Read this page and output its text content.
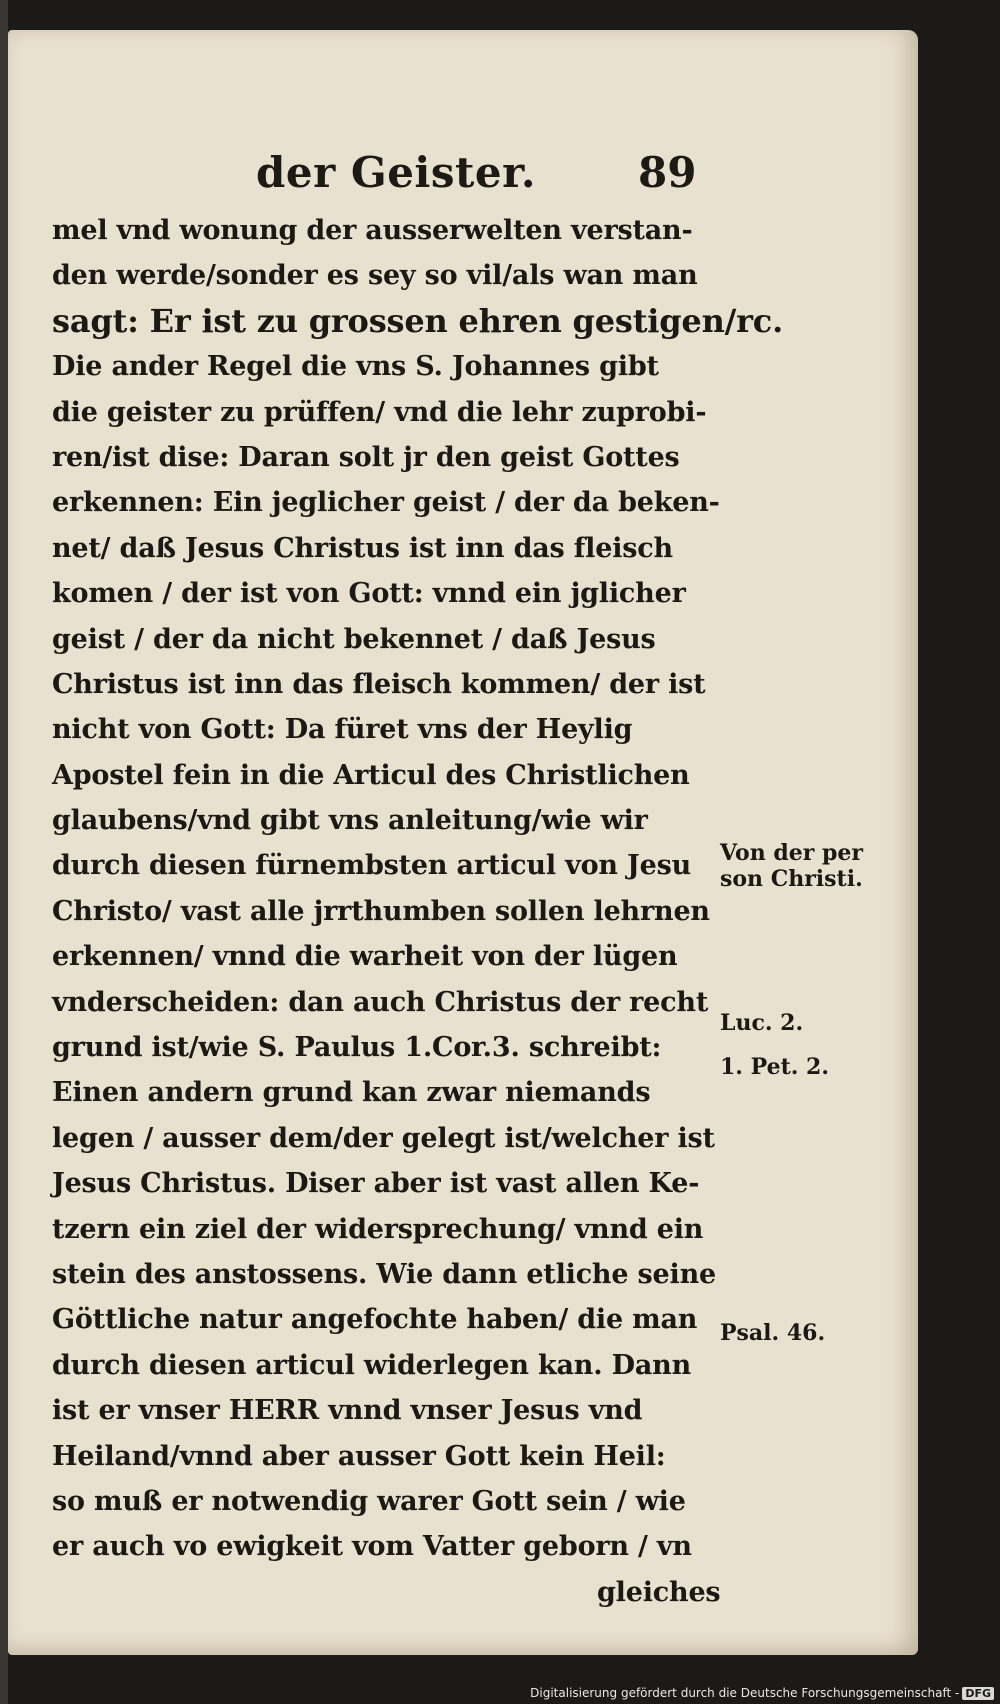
der Geister. 89
mel vnd wonung der ausserwelten verstan-
den werde/sonder es sey so vil/als wan man
sagt: Er ist zu grossen ehren gestigen/rc.
Die ander Regel die vns S. Johannes gibt
die geister zu prüffen/ vnd die lehr zuprobi-
ren/ist dise: Daran solt jr den geist Gottes
erkennen: Ein jeglicher geist / der da beken-
net/ daß Jesus Christus ist inn das fleisch
komen / der ist von Gott: vnnd ein jglicher
geist / der da nicht bekennet / daß Jesus
Christus ist inn das fleisch kommen/ der ist
nicht von Gott: Da füret vns der Heylig
Apostel fein in die Articul des Christlichen
glaubens/vnd gibt vns anleitung/wie wir
durch diesen fürnembsten articul von Jesu
Christo/ vast alle jrrthumben sollen lehrnen
erkennen/ vnnd die warheit von der lügen
vnderscheiden: dan auch Christus der recht
grund ist/wie S. Paulus 1.Cor.3. schreibt:
Einen andern grund kan zwar niemands
legen / ausser dem/der gelegt ist/welcher ist
Jesus Christus. Diser aber ist vast allen Ke-
tzern ein ziel der widersprechung/ vnnd ein
stein des anstossens. Wie dann etliche seine
Göttliche natur angefochte haben/ die man
durch diesen articul widerlegen kan. Dann
ist er vnser HERR vnnd vnser Jesus vnd
Heiland/vnnd aber ausser Gott kein Heil:
so muß er notwendig warer Gott sein / wie
er auch vo ewigkeit vom Vatter geborn / vn
gleiches
Von der per
son Christi.
Luc. 2.
1. Pet. 2.
Psal. 46.
Digitalisierung gefördert durch die Deutsche Forschungsgemeinschaft - DFG
